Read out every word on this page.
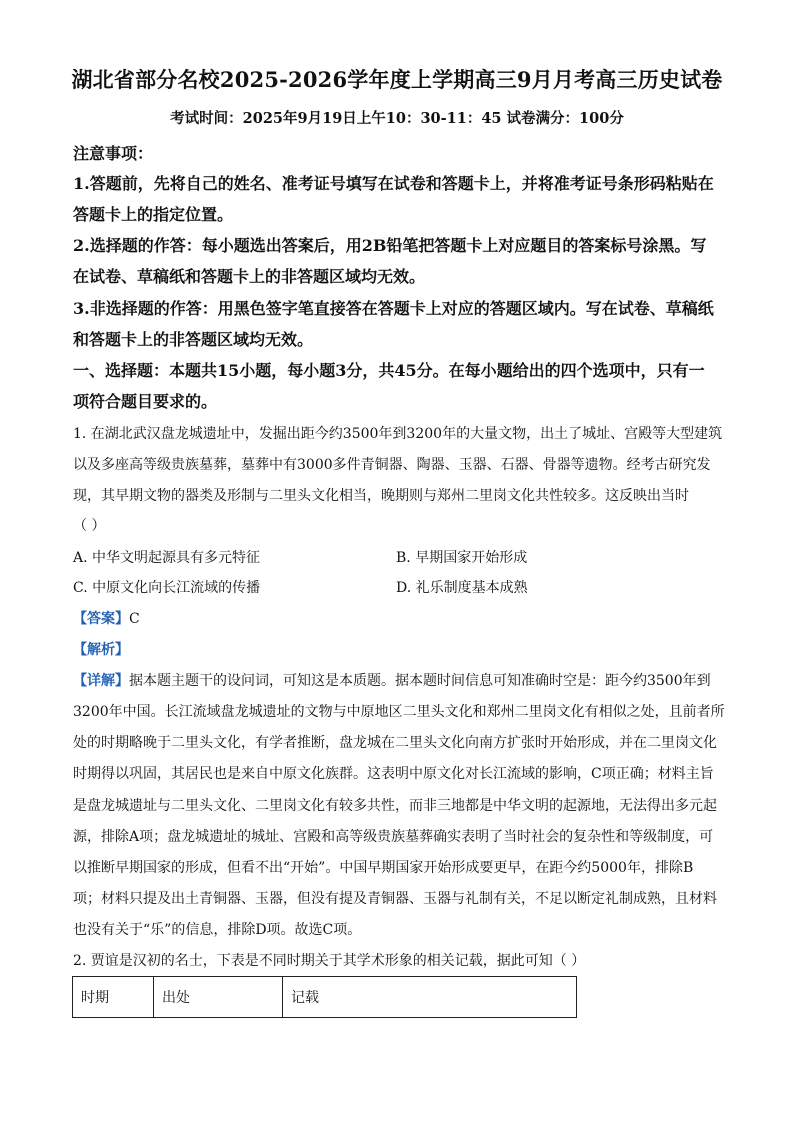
湖北省部分名校2025-2026学年度上学期高三9月月考高三历史试卷
考试时间：2025年9月19日上午10：30-11：45 试卷满分：100分
注意事项：
1.答题前，先将自己的姓名、准考证号填写在试卷和答题卡上，并将准考证号条形码粘贴在
答题卡上的指定位置。
2.选择题的作答：每小题选出答案后，用2B铅笔把答题卡上对应题目的答案标号涂黑。写
在试卷、草稿纸和答题卡上的非答题区域均无效。
3.非选择题的作答：用黑色签字笔直接答在答题卡上对应的答题区域内。写在试卷、草稿纸
和答题卡上的非答题区域均无效。
一、选择题：本题共15小题，每小题3分，共45分。在每小题给出的四个选项中，只有一
项符合题目要求的。
1. 在湖北武汉盘龙城遗址中，发掘出距今约3500年到3200年的大量文物，出土了城址、宫殿等大型建筑
以及多座高等级贵族墓葬，墓葬中有3000多件青铜器、陶器、玉器、石器、骨器等遗物。经考古研究发
现，其早期文物的器类及形制与二里头文化相当，晚期则与郑州二里岗文化共性较多。这反映出当时
（ ）
A. 中华文明起源具有多元特征	B. 早期国家开始形成
C. 中原文化向长江流域的传播	D. 礼乐制度基本成熟
【答案】C
【解析】
【详解】据本题主题干的设问词，可知这是本质题。据本题时间信息可知准确时空是：距今约3500年到
3200年中国。长江流域盘龙城遗址的文物与中原地区二里头文化和郑州二里岗文化有相似之处，且前者所
处的时期略晚于二里头文化，有学者推断，盘龙城在二里头文化向南方扩张时开始形成，并在二里岗文化
时期得以巩固，其居民也是来自中原文化族群。这表明中原文化对长江流域的影响，C项正确；材料主旨
是盘龙城遗址与二里头文化、二里岗文化有较多共性，而非三地都是中华文明的起源地，无法得出多元起
源，排除A项；盘龙城遗址的城址、宫殿和高等级贵族墓葬确实表明了当时社会的复杂性和等级制度，可
以推断早期国家的形成，但看不出“开始”。中国早期国家开始形成要更早，在距今约5000年，排除B
项；材料只提及出土青铜器、玉器，但没有提及青铜器、玉器与礼制有关，不足以断定礼制成熟，且材料
也没有关于“乐”的信息，排除D项。故选C项。
2. 贾谊是汉初的名士，下表是不同时期关于其学术形象的相关记载，据此可知（ ）
时期	出处	记载
